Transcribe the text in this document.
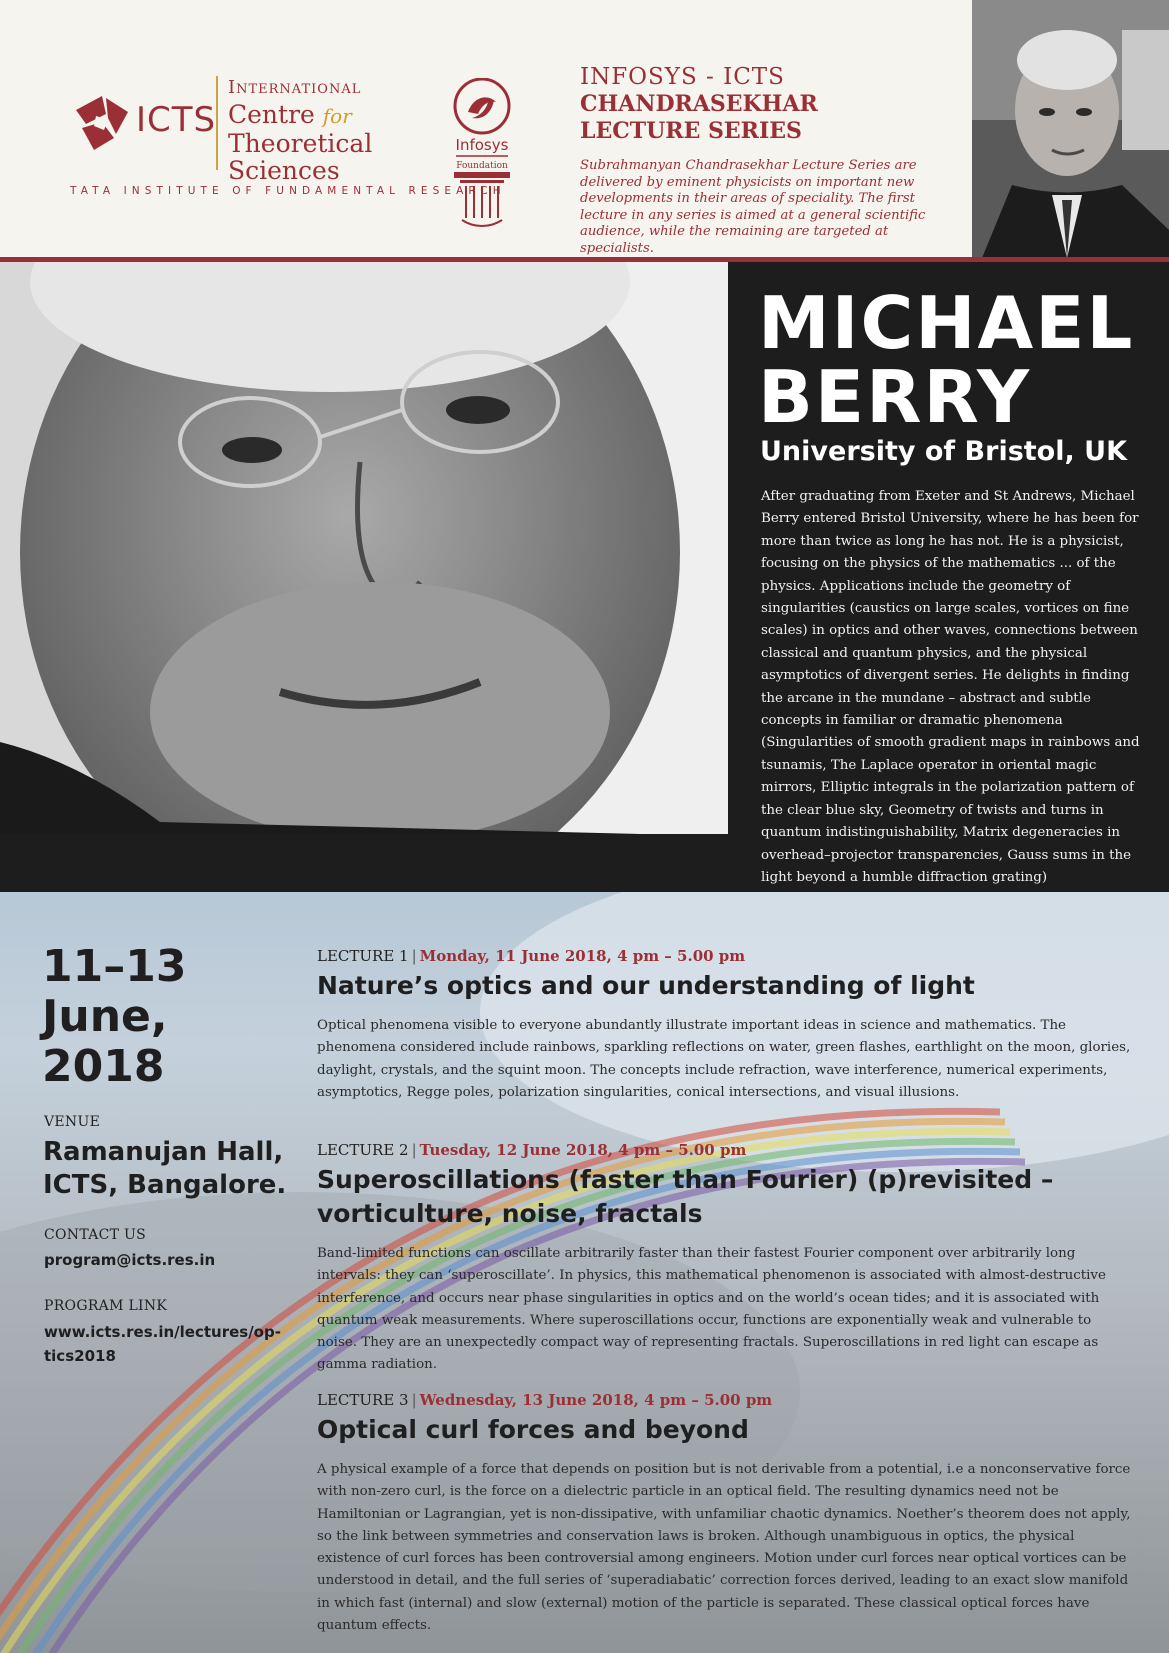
ICTS
International
Centre for
Theoretical
Sciences
TATA INSTITUTE OF FUNDAMENTAL RESEARCH
Infosys
Foundation
INFOSYS - ICTS
CHANDRASEKHAR
LECTURE SERIES
Subrahmanyan Chandrasekhar Lecture Series are delivered by eminent physicists on important new developments in their areas of speciality. The first lecture in any series is aimed at a general scientific audience, while the remaining are targeted at specialists.
MICHAEL
BERRY
University of Bristol, UK
After graduating from Exeter and St Andrews, Michael Berry entered Bristol University, where he has been for more than twice as long he has not. He is a physicist, focusing on the physics of the mathematics ... of the physics. Applications include the geometry of singularities (caustics on large scales, vortices on fine scales) in optics and other waves, connections between classical and quantum physics, and the physical asymptotics of divergent series. He delights in finding the arcane in the mundane – abstract and subtle concepts in familiar or dramatic phenomena (Singularities of smooth gradient maps in rainbows and tsunamis, The Laplace operator in oriental magic mirrors, Elliptic integrals in the polarization pattern of the clear blue sky, Geometry of twists and turns in quantum indistinguishability, Matrix degeneracies in overhead–projector transparencies, Gauss sums in the light beyond a humble diffraction grating)
11–13
June,
2018
VENUE
Ramanujan Hall,
ICTS, Bangalore.
CONTACT US
program@icts.res.in
PROGRAM LINK
www.icts.res.in/lectures/op-
tics2018
LECTURE 1 | Monday, 11 June 2018, 4 pm – 5.00 pm
Nature’s optics and our understanding of light
Optical phenomena visible to everyone abundantly illustrate important ideas in science and mathematics. The phenomena considered include rainbows, sparkling reflections on water, green flashes, earthlight on the moon, glories, daylight, crystals, and the squint moon. The concepts include refraction, wave interference, numerical experiments, asymptotics, Regge poles, polarization singularities, conical intersections, and visual illusions.
LECTURE 2 | Tuesday, 12 June 2018, 4 pm – 5.00 pm
Superoscillations (faster than Fourier) (p)revisited – vorticulture, noise, fractals
Band-limited functions can oscillate arbitrarily faster than their fastest Fourier component over arbitrarily long intervals: they can ‘superoscillate’. In physics, this mathematical phenomenon is associated with almost-destructive interference, and occurs near phase singularities in optics and on the world’s ocean tides; and it is associated with quantum weak measurements. Where superoscillations occur, functions are exponentially weak and vulnerable to noise. They are an unexpectedly compact way of representing fractals. Superoscillations in red light can escape as gamma radiation.
LECTURE 3 | Wednesday, 13 June 2018, 4 pm – 5.00 pm
Optical curl forces and beyond
A physical example of a force that depends on position but is not derivable from a potential, i.e a nonconservative force with non-zero curl, is the force on a dielectric particle in an optical field. The resulting dynamics need not be Hamiltonian or Lagrangian, yet is non-dissipative, with unfamiliar chaotic dynamics. Noether’s theorem does not apply, so the link between symmetries and conservation laws is broken. Although unambiguous in optics, the physical existence of curl forces has been controversial among engineers. Motion under curl forces near optical vortices can be understood in detail, and the full series of ‘superadiabatic’ correction forces derived, leading to an exact slow manifold in which fast (internal) and slow (external) motion of the particle is separated. These classical optical forces have quantum effects.
